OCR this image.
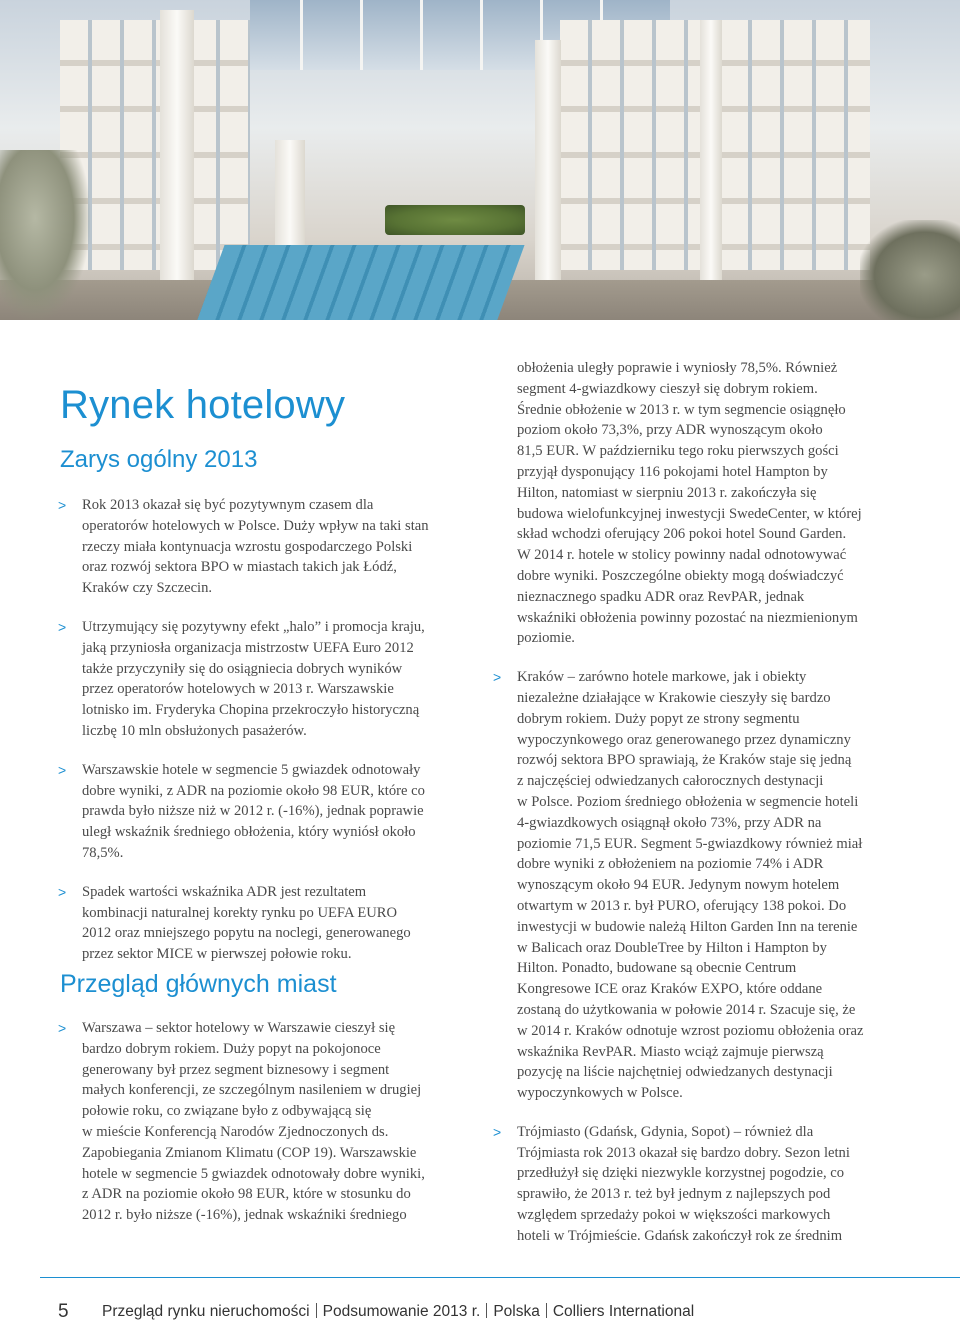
Rynek hotelowy
Zarys ogólny 2013
> Rok 2013 okazał się być pozytywnym czasem dla
operatorów hotelowych w Polsce. Duży wpływ na taki stan
rzeczy miała kontynuacja wzrostu gospodarczego Polski
oraz rozwój sektora BPO w miastach takich jak Łódź,
Kraków czy Szczecin.
> Utrzymujący się pozytywny efekt „halo” i promocja kraju,
jaką przyniosła organizacja mistrzostw UEFA Euro 2012
także przyczyniły się do osiągniecia dobrych wyników
przez operatorów hotelowych w 2013 r. Warszawskie
lotnisko im. Fryderyka Chopina przekroczyło historyczną
liczbę 10 mln obsłużonych pasażerów.
> Warszawskie hotele w segmencie 5 gwiazdek odnotowały
dobre wyniki, z ADR na poziomie około 98 EUR, które co
prawda było niższe niż w 2012 r. (-16%), jednak poprawie
uległ wskaźnik średniego obłożenia, który wyniósł około
78,5%.
> Spadek wartości wskaźnika ADR jest rezultatem
kombinacji naturalnej korekty rynku po UEFA EURO
2012 oraz mniejszego popytu na noclegi, generowanego
przez sektor MICE w pierwszej połowie roku.
Przegląd głównych miast
> Warszawa – sektor hotelowy w Warszawie cieszył się
bardzo dobrym rokiem. Duży popyt na pokojonoce
generowany był przez segment biznesowy i segment
małych konferencji, ze szczególnym nasileniem w drugiej
połowie roku, co związane było z odbywającą się
w mieście Konferencją Narodów Zjednoczonych ds.
Zapobiegania Zmianom Klimatu (COP 19). Warszawskie
hotele w segmencie 5 gwiazdek odnotowały dobre wyniki,
z ADR na poziomie około 98 EUR, które w stosunku do
2012 r. było niższe (-16%), jednak wskaźniki średniego
obłożenia uległy poprawie i wyniosły 78,5%. Również
segment 4-gwiazdkowy cieszył się dobrym rokiem.
Średnie obłożenie w 2013 r. w tym segmencie osiągnęło
poziom około 73,3%, przy ADR wynoszącym około
81,5 EUR. W październiku tego roku pierwszych gości
przyjął dysponujący 116 pokojami hotel Hampton by
Hilton, natomiast w sierpniu 2013 r. zakończyła się
budowa wielofunkcyjnej inwestycji SwedeCenter, w której
skład wchodzi oferujący 206 pokoi hotel Sound Garden.
W 2014 r. hotele w stolicy powinny nadal odnotowywać
dobre wyniki. Poszczególne obiekty mogą doświadczyć
nieznacznego spadku ADR oraz RevPAR, jednak
wskaźniki obłożenia powinny pozostać na niezmienionym
poziomie.
> Kraków – zarówno hotele markowe, jak i obiekty
niezależne działające w Krakowie cieszyły się bardzo
dobrym rokiem. Duży popyt ze strony segmentu
wypoczynkowego oraz generowanego przez dynamiczny
rozwój sektora BPO sprawiają, że Kraków staje się jedną
z najczęściej odwiedzanych całorocznych destynacji
w Polsce. Poziom średniego obłożenia w segmencie hoteli
4-gwiazdkowych osiągnął około 73%, przy ADR na
poziomie 71,5 EUR. Segment 5-gwiazdkowy również miał
dobre wyniki z obłożeniem na poziomie 74% i ADR
wynoszącym około 94 EUR. Jedynym nowym hotelem
otwartym w 2013 r. był PURO, oferujący 138 pokoi. Do
inwestycji w budowie należą Hilton Garden Inn na terenie
w Balicach oraz DoubleTree by Hilton i Hampton by
Hilton. Ponadto, budowane są obecnie Centrum
Kongresowe ICE oraz Kraków EXPO, które oddane
zostaną do użytkowania w połowie 2014 r. Szacuje się, że
w 2014 r. Kraków odnotuje wzrost poziomu obłożenia oraz
wskaźnika RevPAR. Miasto wciąż zajmuje pierwszą
pozycję na liście najchętniej odwiedzanych destynacji
wypoczynkowych w Polsce.
> Trójmiasto (Gdańsk, Gdynia, Sopot) – również dla
Trójmiasta rok 2013 okazał się bardzo dobry. Sezon letni
przedłużył się dzięki niezwykle korzystnej pogodzie, co
sprawiło, że 2013 r. też był jednym z najlepszych pod
względem sprzedaży pokoi w większości markowych
hoteli w Trójmieście. Gdańsk zakończył rok ze średnim
5 Przegląd rynku nieruchomości Podsumowanie 2013 r. Polska Colliers International
